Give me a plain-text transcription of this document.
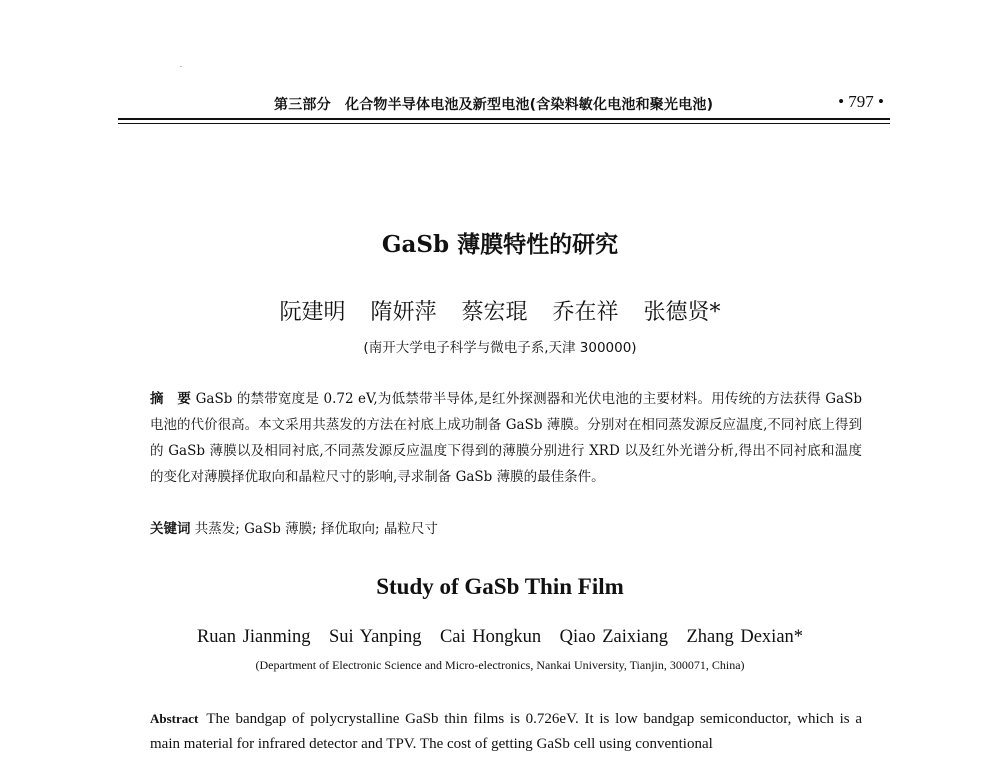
第三部分　化合物半导体电池及新型电池(含染料敏化电池和聚光电池)	• 797 •
GaSb 薄膜特性的研究
阮建明 隋妍萍 蔡宏琨 乔在祥 张德贤*
(南开大学电子科学与微电子系,天津 300000)
摘　要 GaSb 的禁带宽度是 0.72 eV,为低禁带半导体,是红外探测器和光伏电池的主要材料。用传统的方法获得 GaSb 电池的代价很高。本文采用共蒸发的方法在衬底上成功制备 GaSb 薄膜。分别对在相同蒸发源反应温度,不同衬底上得到的 GaSb 薄膜以及相同衬底,不同蒸发源反应温度下得到的薄膜分别进行 XRD 以及红外光谱分析,得出不同衬底和温度的变化对薄膜择优取向和晶粒尺寸的影响,寻求制备 GaSb 薄膜的最佳条件。
关键词 共蒸发; GaSb 薄膜; 择优取向; 晶粒尺寸
Study of GaSb Thin Film
Ruan Jianming　Sui Yanping　Cai Hongkun　Qiao Zaixiang　Zhang Dexian*
(Department of Electronic Science and Micro-electronics, Nankai University, Tianjin, 300071, China)
Abstract The bandgap of polycrystalline GaSb thin films is 0.726eV. It is low bandgap semiconductor, which is a main material for infrared detector and TPV. The cost of getting GaSb cell using conventional
